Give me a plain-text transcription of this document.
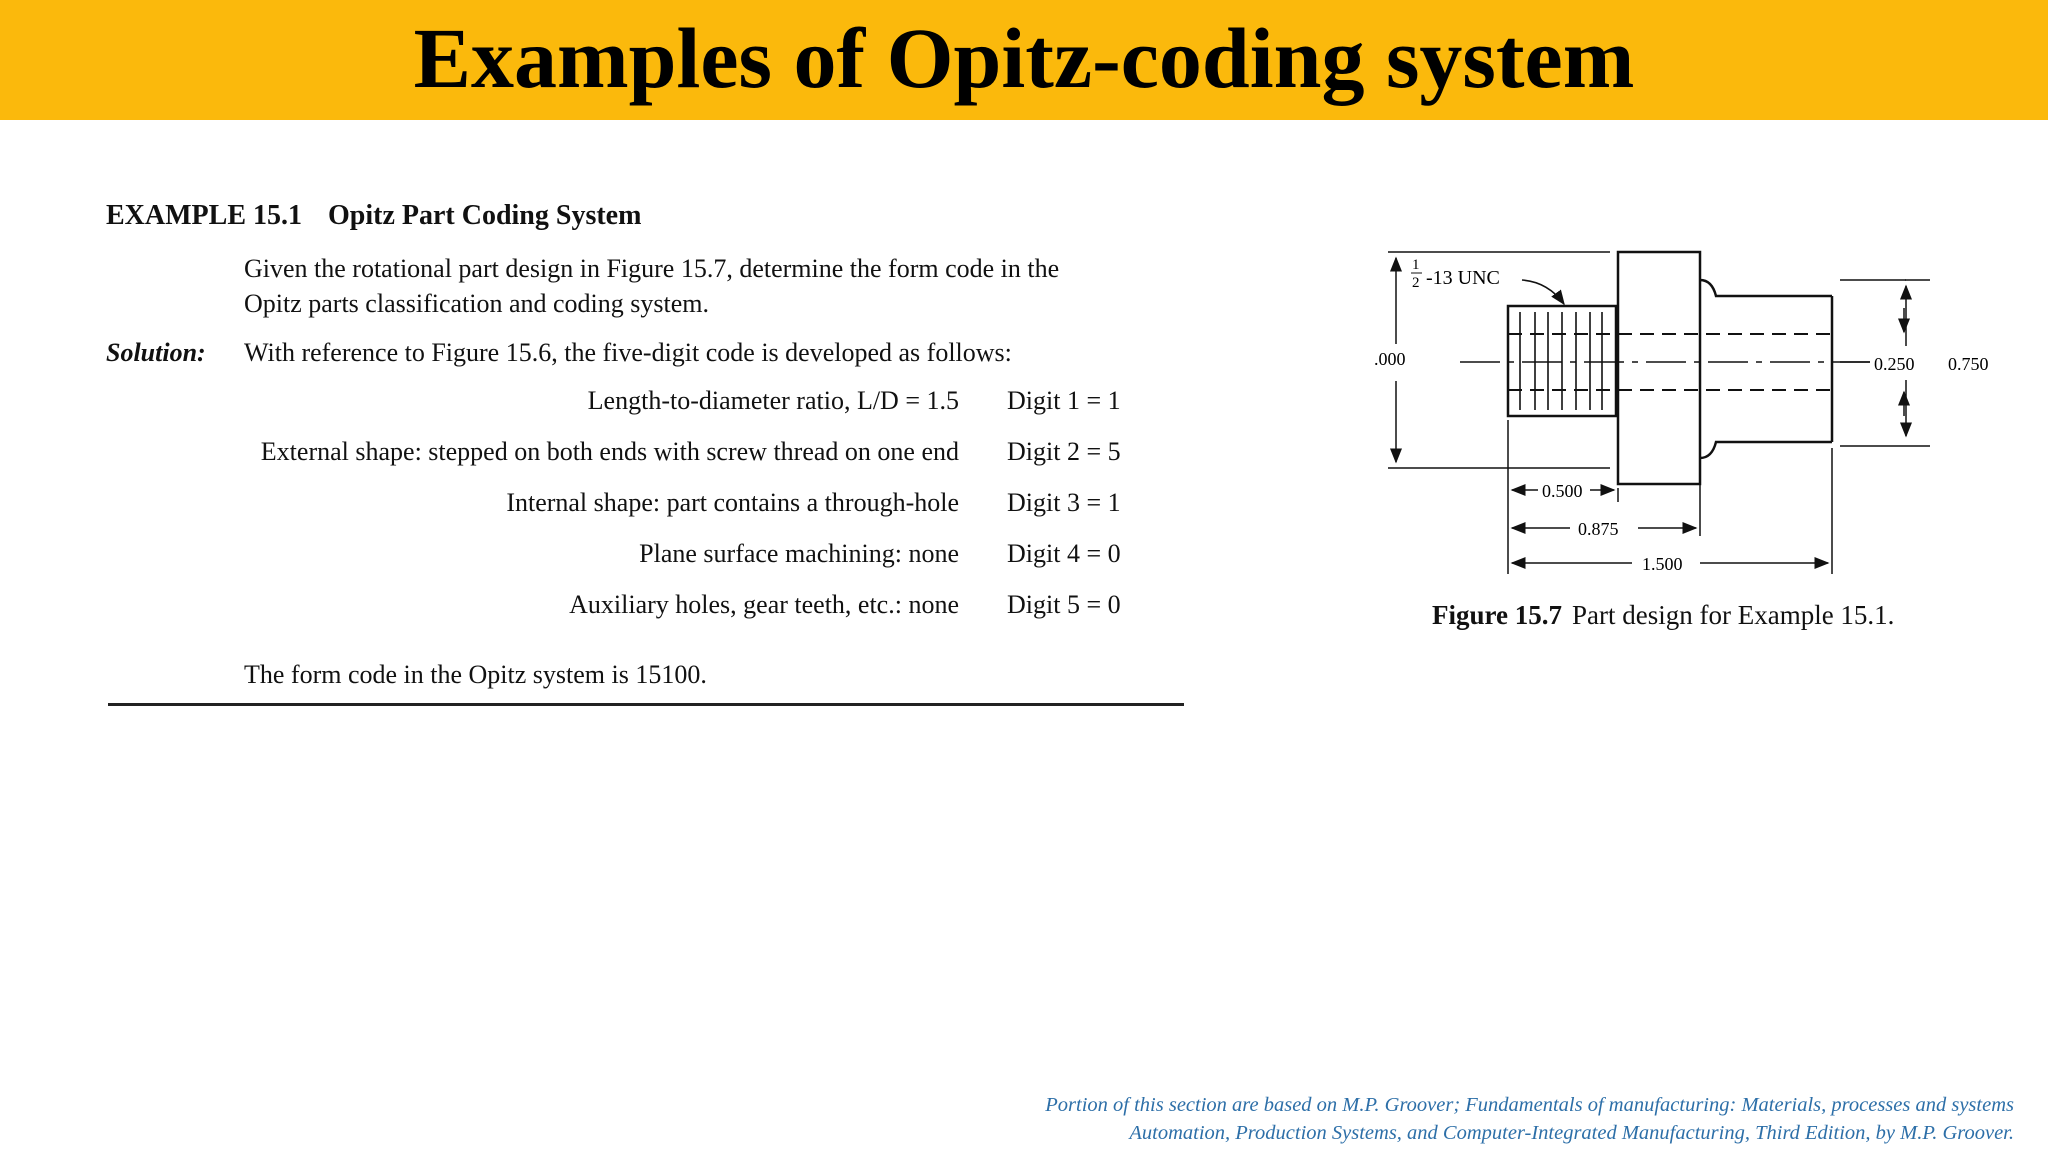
Examples of Opitz-coding system
EXAMPLE 15.1 Opitz Part Coding System
Given the rotational part design in Figure 15.7, determine the form code in the
Opitz parts classification and coding system.
Solution: With reference to Figure 15.6, the five-digit code is developed as follows:
Length-to-diameter ratio, L/D = 1.5 Digit 1 = 1
External shape: stepped on both ends with screw thread on one end Digit 2 = 5
Internal shape: part contains a through-hole Digit 3 = 1
Plane surface machining: none Digit 4 = 0
Auxiliary holes, gear teeth, etc.: none Digit 5 = 0
The form code in the Opitz system is 15100.
.000
1
2 -13 UNC
0.250 0.750
0.500
0.875
1.500
Figure 15.7 Part design for Example 15.1.
Portion of this section are based on M.P. Groover; Fundamentals of manufacturing: Materials, processes and systems
Automation, Production Systems, and Computer-Integrated Manufacturing, Third Edition, by M.P. Groover.
